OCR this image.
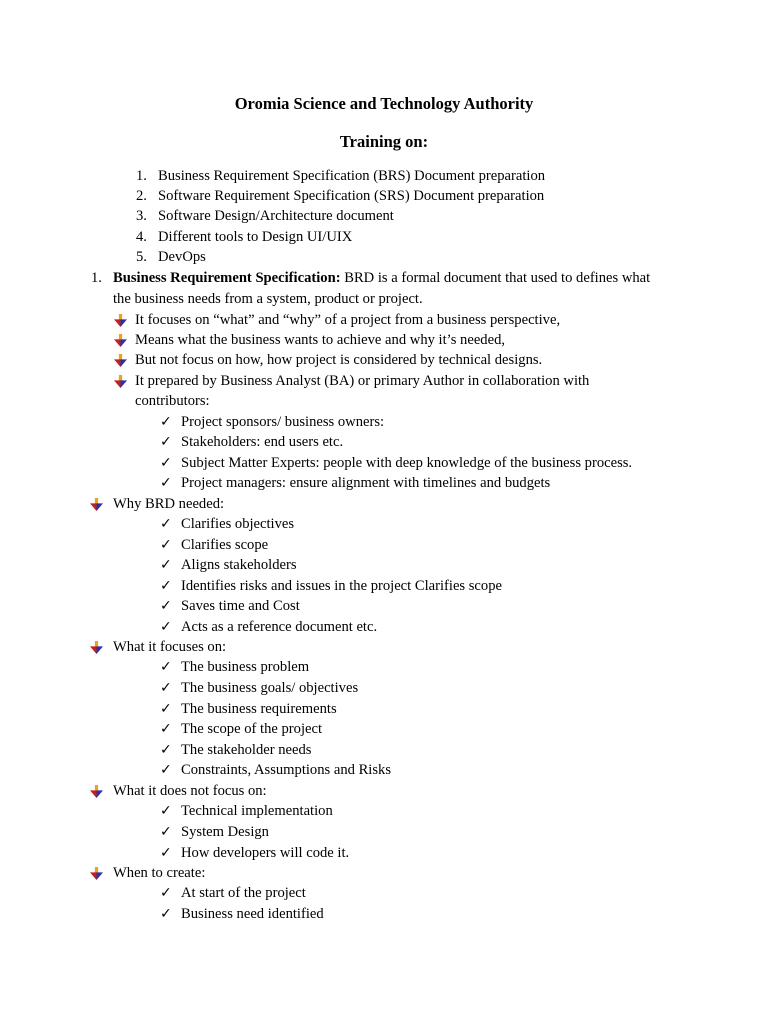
Oromia Science and Technology Authority
Training on:
1. Business Requirement Specification (BRS) Document preparation
2. Software Requirement Specification (SRS) Document preparation
3. Software Design/Architecture document
4. Different tools to Design UI/UIX
5. DevOps
1. Business Requirement Specification: BRD is a formal document that used to defines what
the business needs from a system, product or project.
It focuses on “what” and “why” of a project from a business perspective,
Means what the business wants to achieve and why it’s needed,
But not focus on how, how project is considered by technical designs.
It prepared by Business Analyst (BA) or primary Author in collaboration with
contributors:
✓ Project sponsors/ business owners:
✓ Stakeholders: end users etc.
✓ Subject Matter Experts: people with deep knowledge of the business process.
✓ Project managers: ensure alignment with timelines and budgets
Why BRD needed:
✓ Clarifies objectives
✓ Clarifies scope
✓ Aligns stakeholders
✓ Identifies risks and issues in the project Clarifies scope
✓ Saves time and Cost
✓ Acts as a reference document etc.
What it focuses on:
✓ The business problem
✓ The business goals/ objectives
✓ The business requirements
✓ The scope of the project
✓ The stakeholder needs
✓ Constraints, Assumptions and Risks
What it does not focus on:
✓ Technical implementation
✓ System Design
✓ How developers will code it.
When to create:
✓ At start of the project
✓ Business need identified
